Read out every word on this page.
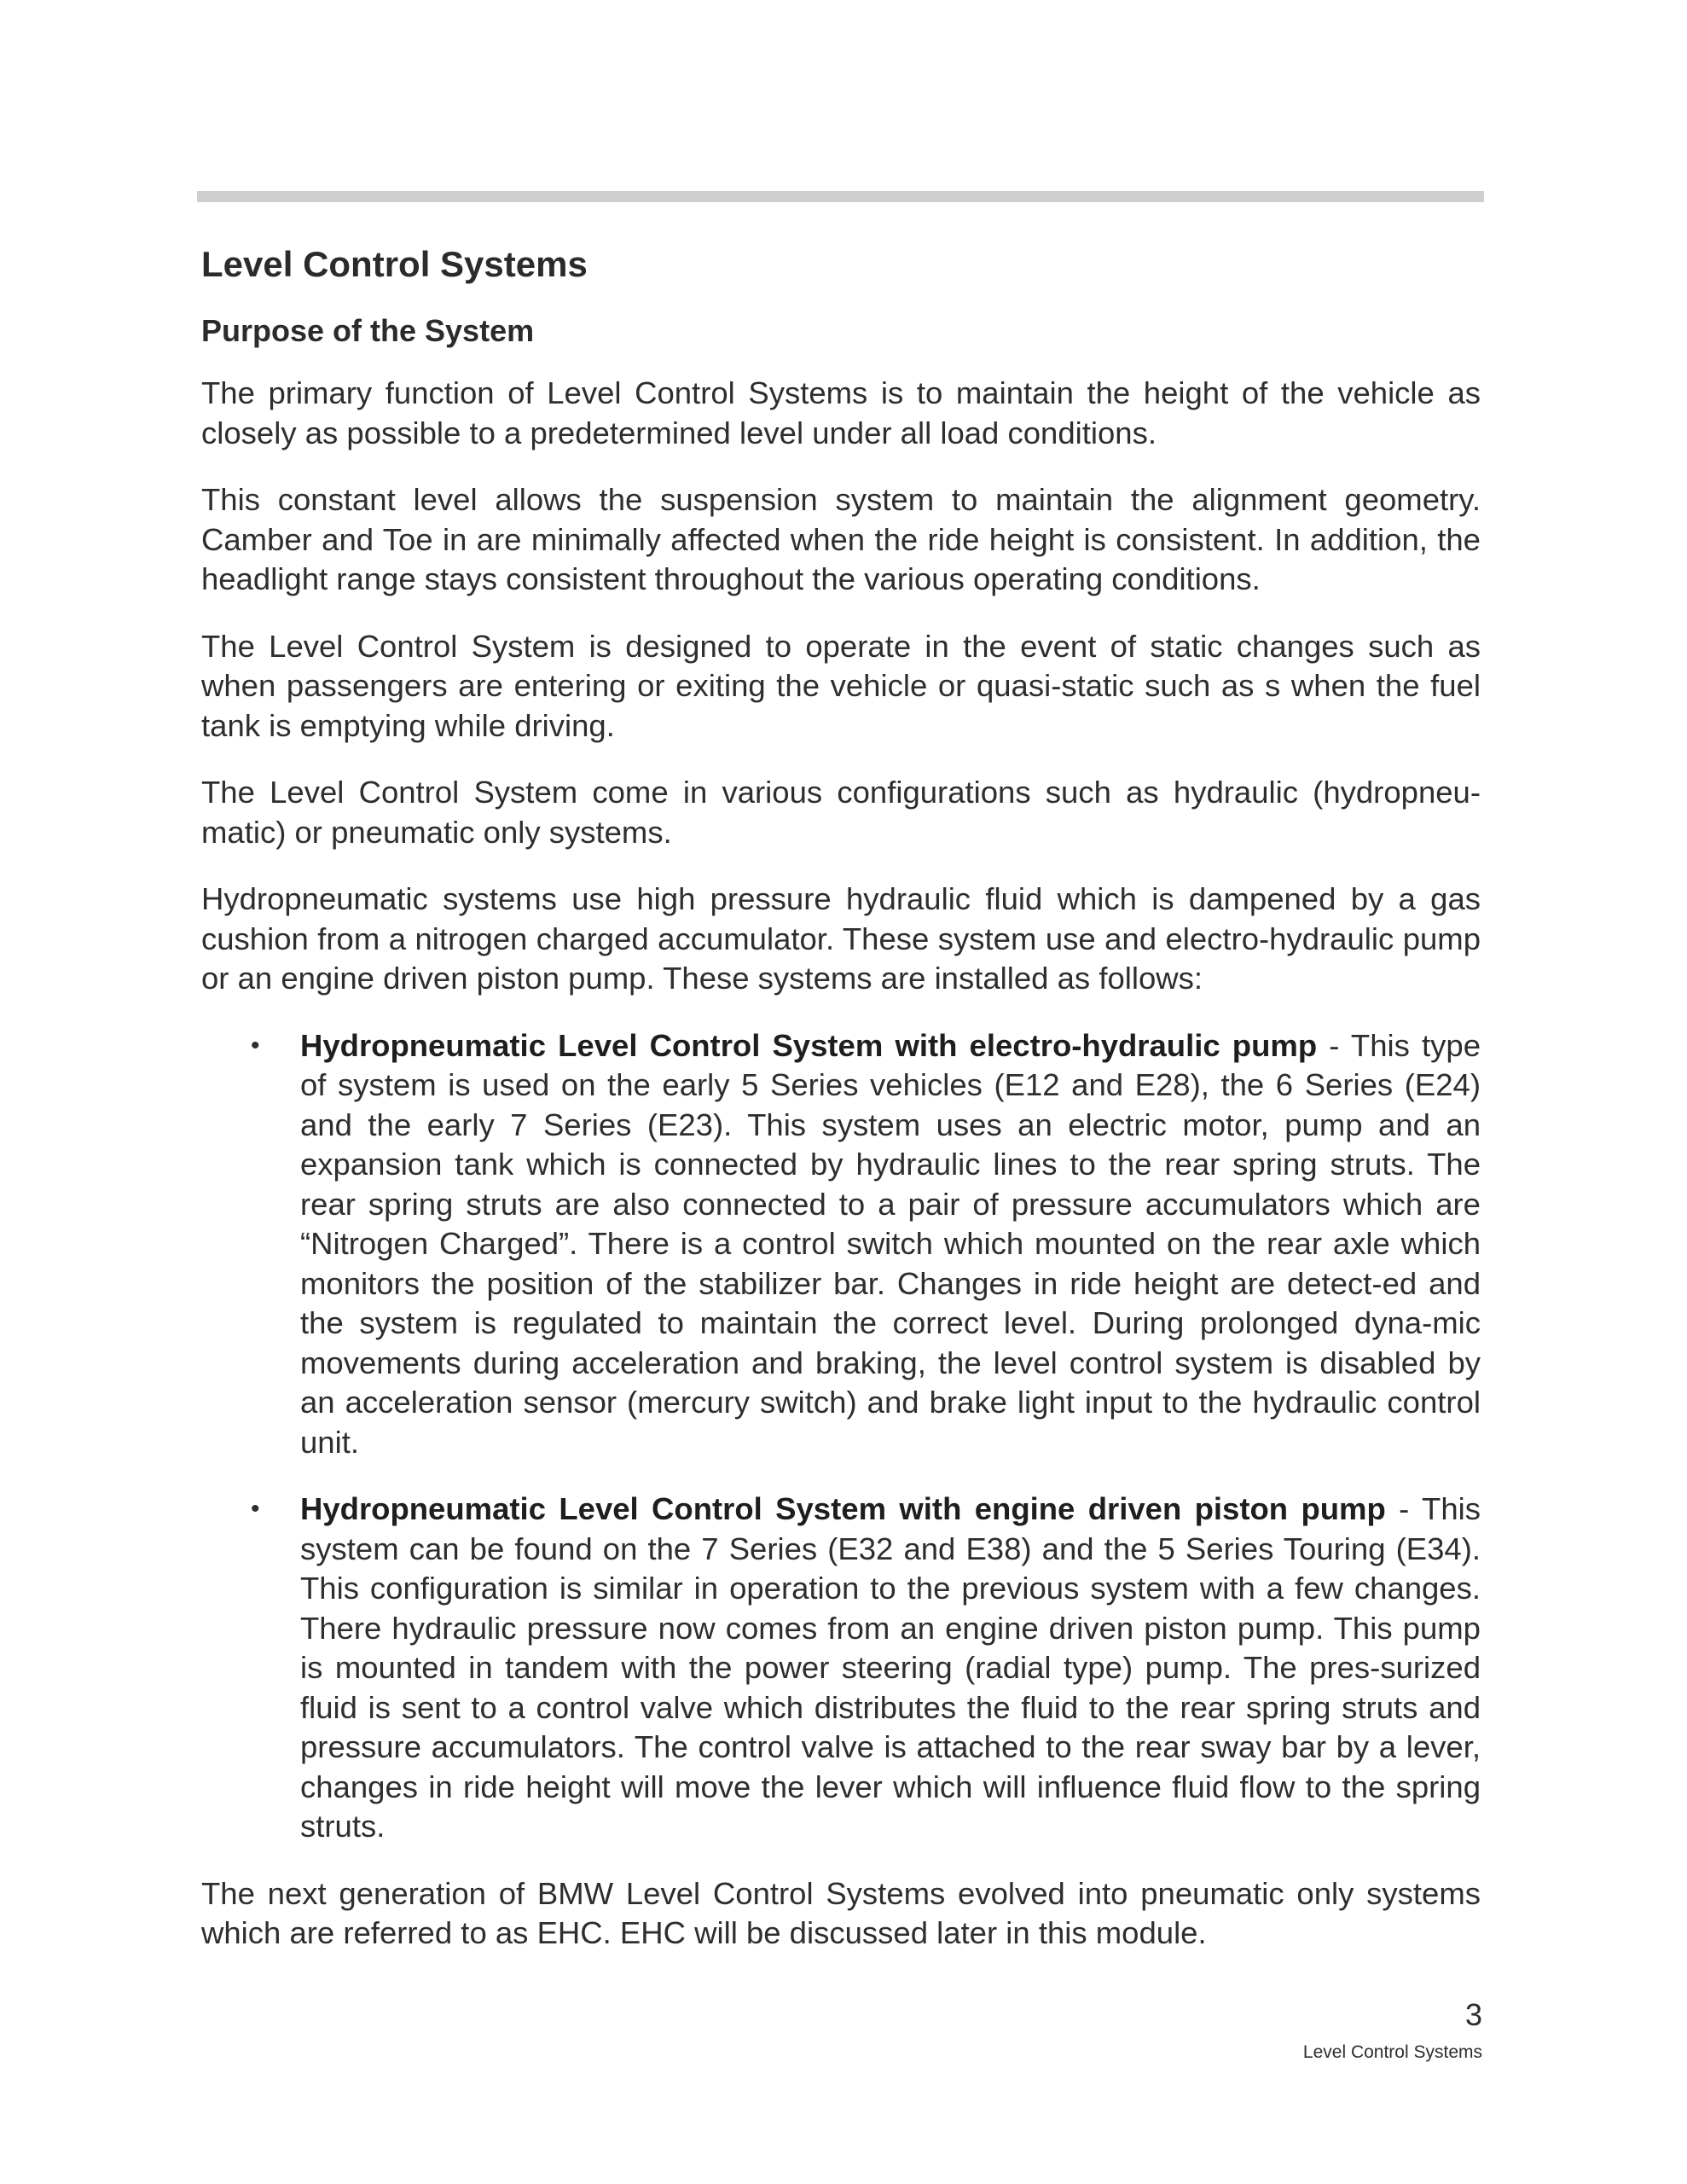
Level Control Systems
Purpose of the System

The primary function of Level Control Systems is to maintain the height of the vehicle as closely as possible to a predetermined level under all load conditions.

This constant level allows the suspension system to maintain the alignment geometry. Camber and Toe in are minimally affected when the ride height is consistent. In addition, the headlight range stays consistent throughout the various operating conditions.

The Level Control System is designed to operate in the event of static changes such as when passengers are entering or exiting the vehicle or quasi-static such as s when the fuel tank is emptying while driving.

The Level Control System come in various configurations such as hydraulic (hydropneu-matic) or pneumatic only systems.

Hydropneumatic systems use high pressure hydraulic fluid which is dampened by a gas cushion from a nitrogen charged accumulator. These system use and electro-hydraulic pump or an engine driven piston pump. These systems are installed as follows:

• Hydropneumatic Level Control System with electro-hydraulic pump - This type of system is used on the early 5 Series vehicles (E12 and E28), the 6 Series (E24) and the early 7 Series (E23). This system uses an electric motor, pump and an expansion tank which is connected by hydraulic lines to the rear spring struts. The rear spring struts are also connected to a pair of pressure accumulators which are “Nitrogen Charged”. There is a control switch which mounted on the rear axle which monitors the position of the stabilizer bar. Changes in ride height are detect-ed and the system is regulated to maintain the correct level. During prolonged dyna-mic movements during acceleration and braking, the level control system is disabled by an acceleration sensor (mercury switch) and brake light input to the hydraulic control unit.

• Hydropneumatic Level Control System with engine driven piston pump - This system can be found on the 7 Series (E32 and E38) and the 5 Series Touring (E34). This configuration is similar in operation to the previous system with a few changes. There hydraulic pressure now comes from an engine driven piston pump. This pump is mounted in tandem with the power steering (radial type) pump. The pres-surized fluid is sent to a control valve which distributes the fluid to the rear spring struts and pressure accumulators. The control valve is attached to the rear sway bar by a lever, changes in ride height will move the lever which will influence fluid flow to the spring struts.

The next generation of BMW Level Control Systems evolved into pneumatic only systems which are referred to as EHC. EHC will be discussed later in this module.

3
Level Control Systems
